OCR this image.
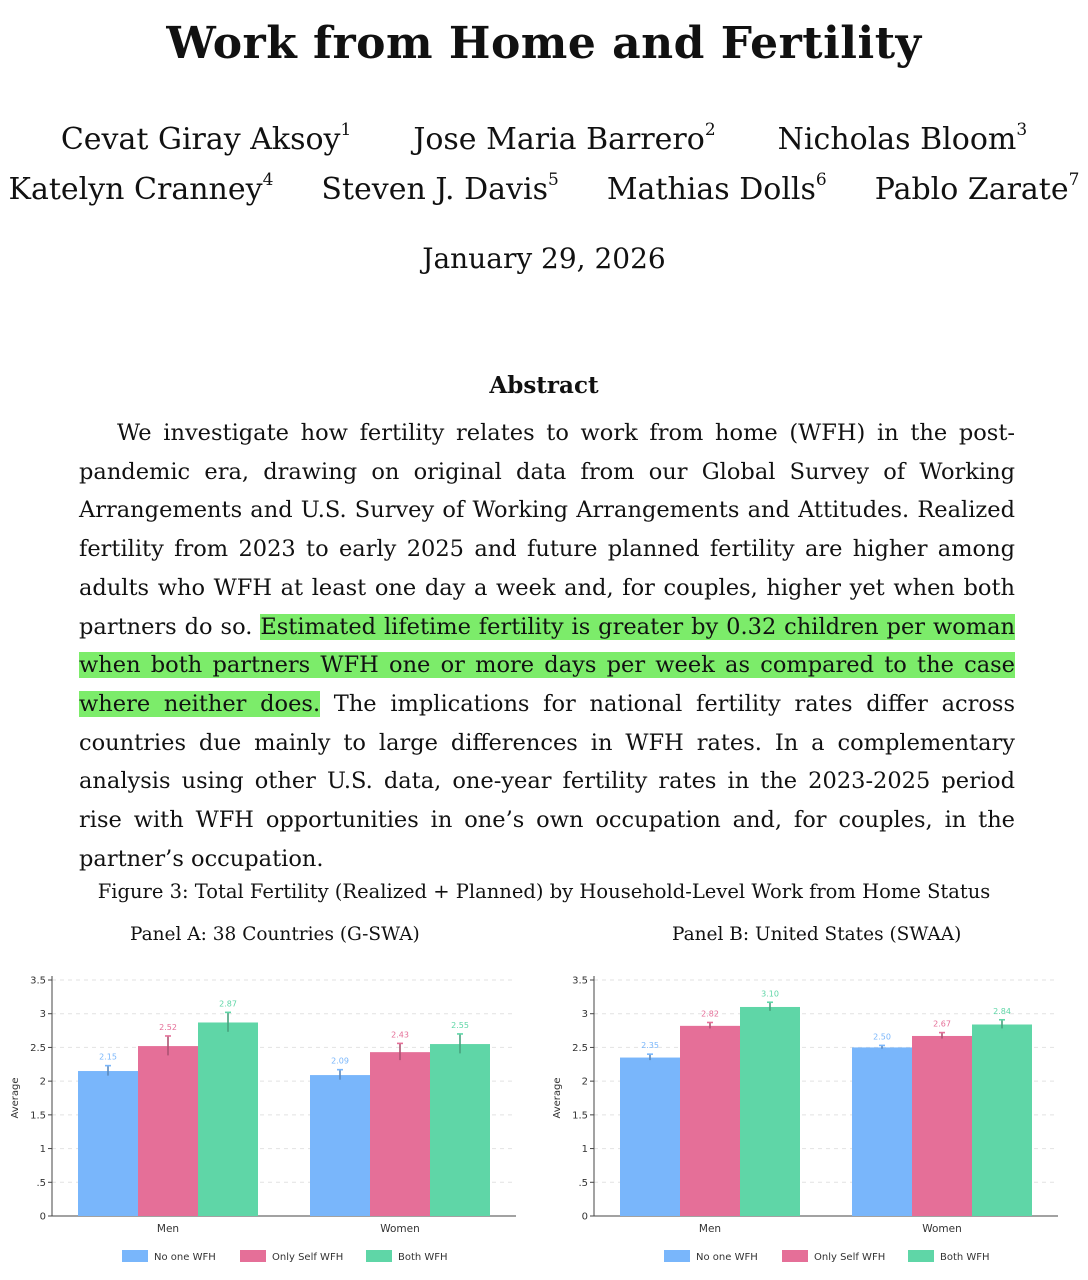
Work from Home and Fertility
Cevat Giray Aksoy$^1$ Jose Maria Barrero$^2$ Nicholas Bloom$^3$
Katelyn Cranney$^4$ Steven J. Davis$^5$ Mathias Dolls$^6$ Pablo Zarate$^7$
January 29, 2026
Abstract
We investigate how fertility relates to work from home (WFH) in the post-pandemic era, drawing on original data from our Global Survey of Working Arrangements and U.S. Survey of Working Arrangements and Attitudes. Realized fertility from 2023 to early 2025 and future planned fertility are higher among adults who WFH at least one day a week and, for couples, higher yet when both partners do so. Estimated lifetime fertility is greater by 0.32 children per woman when both partners WFH one or more days per week as compared to the case where neither does. The implications for national fertility rates differ across countries due mainly to large differences in WFH rates. In a complementary analysis using other U.S. data, one-year fertility rates in the 2023-2025 period rise with WFH opportunities in one’s own occupation and, for couples, in the partner’s occupation.
Figure 3: Total Fertility (Realized + Planned) by Household-Level Work from Home Status
Panel A: 38 Countries (G-SWA)	Panel B: United States (SWAA)
0
.5
1
1.5
2
2.5
3
3.5
Average
2.15
2.52
2.87
Men
2.09
2.43
2.55
Women
No one WFH	Only Self WFH	Both WFH
0
.5
1
1.5
2
2.5
3
3.5
Average
2.35
2.82
3.10
Men
2.50
2.67
2.84
Women
No one WFH	Only Self WFH	Both WFH
